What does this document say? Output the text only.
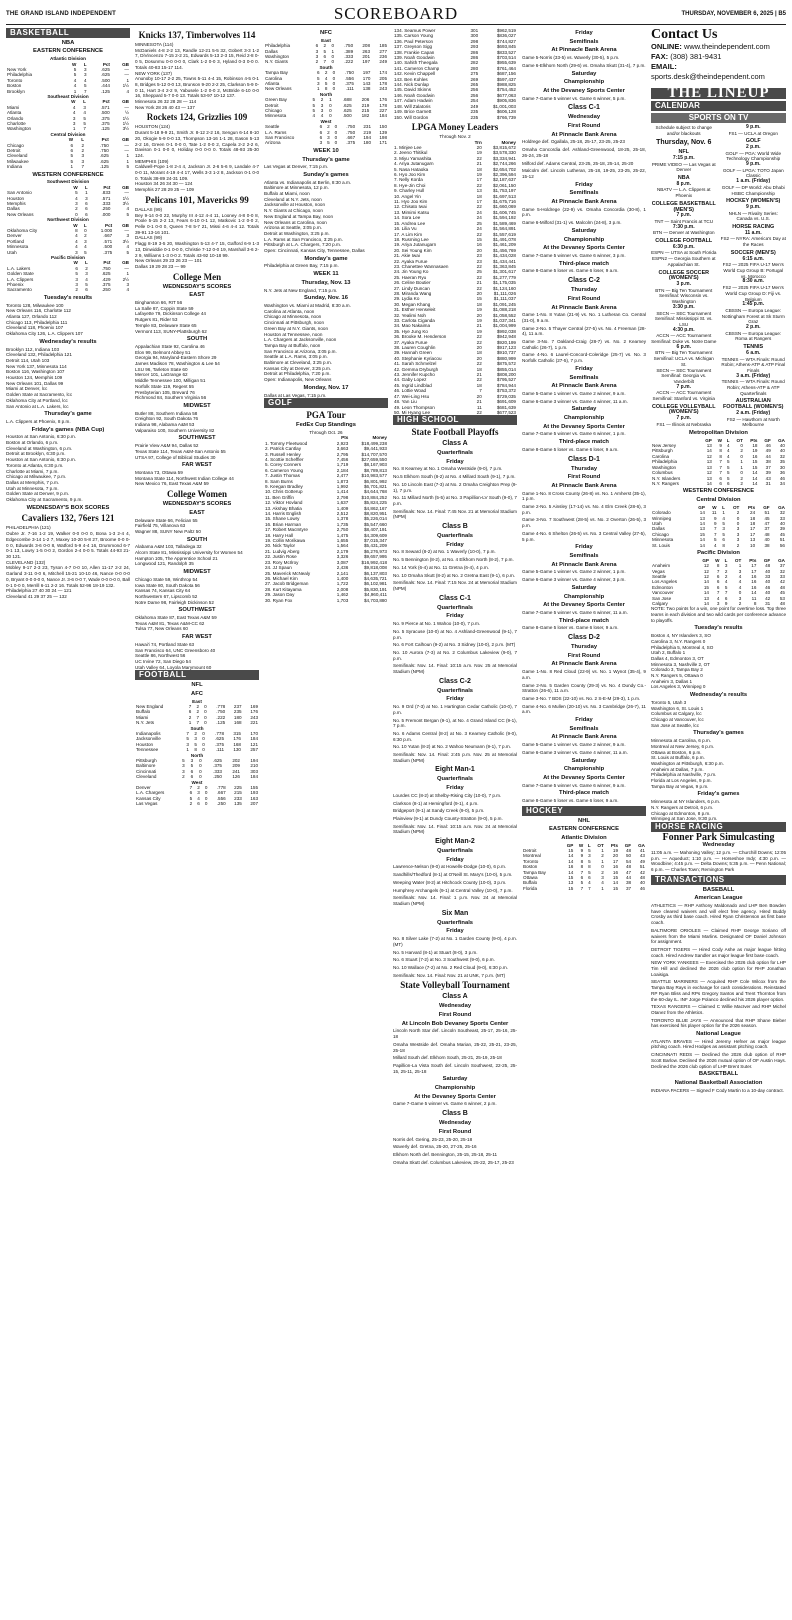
THE GRAND ISLAND INDEPENDENT	SCOREBOARD	THURSDAY, NOVEMBER 6, 2025 | B5
BASKETBALL
NBA
EASTERN CONFERENCE
Atlantic Division				
	W	L	Pct	GB
New York	5	3	.625	—
Philadelphia	5	3	.625	—
Toronto	4	4	.500	1
Boston	4	5	.444	1½
Brooklyn	1	7	.125	4
Southeast Division				
	W	L	Pct	GB
Miami	4	3	.571	—
Atlanta	4	4	.500	½
Orlando	3	5	.375	1½
Charlotte	3	5	.375	1½
Washington	1	7	.125	3½
Central Division				
	W	L	Pct	GB
Chicago	6	2	.750	—
Detroit	6	2	.750	—
Cleveland	5	3	.625	1
Milwaukee	5	3	.625	1
Indiana	1	7	.125	5
WESTERN CONFERENCE
Southwest Division				
	W	L	Pct	GB
San Antonio	5	1	.833	—
Houston	4	3	.571	1½
Memphis	3	6	.333	3½
Dallas	2	6	.250	4
New Orleans	0	6	.000	5
Northwest Division				
	W	L	Pct	GB
Oklahoma City	8	0	1.000	—
Denver	4	2	.667	3
Portland	4	3	.571	3½
Minnesota	4	4	.500	4
Utah	3	5	.375	5
Pacific Division				
	W	L	Pct	GB
L.A. Lakers	6	2	.750	—
Golden State	5	3	.625	1
L.A. Clippers	3	4	.429	2½
Phoenix	3	5	.375	3
Sacramento	2	6	.250	4
Tuesday's results
Toronto 128, Milwaukee 100
New Orleans 116, Charlotte 112
Atlanta 127, Orlando 112
Chicago 113, Philadelphia 111
Cleveland 118, Phoenix 107
Oklahoma City 126, L.A. Clippers 107
Wednesday's results
Brooklyn 112, Indiana 103
Cleveland 132, Philadelphia 121
Detroit 114, Utah 103
New York 137, Minnesota 114
Boston 116, Washington 107
Houston 124, Memphis 109
New Orleans 101, Dallas 99
Miami at Denver, lcc
Golden State at Sacramento, lcc
Oklahoma City at Portland, lcc
San Antonio at L.A. Lakers, lcc
Thursday's game
L.A. Clippers at Phoenix, 8 p.m.
Friday's games (NBA Cup)
Houston at San Antonio, 6:30 p.m.
Boston at Orlando, 6 p.m.
Cleveland at Washington, 6 p.m.
Detroit at Brooklyn, 6:30 p.m.
Houston at San Antonio, 6:30 p.m.
Toronto at Atlanta, 6:30 p.m.
Charlotte at Miami, 7 p.m.
Chicago at Milwaukee, 7 p.m.
Dallas at Memphis, 7 p.m.
Utah at Minnesota, 7 p.m.
Golden State at Denver, 9 p.m.
Oklahoma City at Sacramento, 9 p.m.
WEDNESDAY'S BOX SCORES
Cavaliers 132, 76ers 121
PHILADELPHIA (121)
Oubre Jr. 7-16 1-2 19, Walker 0-0 0-0 0, Bona 1-3 2-4 4, Edgecombe 3-14 1-2 7, Maxey 10-20 5-8 27, Broome 0-0 0-0 0, Edwards 3-6 0-0 8, Watford 5-9 4-4 16, Drummond 6-7 0-1 13, Lowry 1-5 0-0 2, Gordon 2-4 0-0 5. Totals 44-93 21-30 121.
CLEVELAND (132)
Mobley 9-17 2-3 23, Tyson 4-7 0-0 10, Allen 11-17 2-2 24, Garland 3-11 0-0 6, Mitchell 15-21 10-10 46, Nance 0-0 0-0 0, Bryant 0-0 0-0 0, Nance Jr. 3-6 0-0 7, Wade 0-0 0-0 0, Ball 0-1 0-0 0, Merrill 6-11 2-2 16. Totals 52-96 18-19 132.
Philadelphia 27 40 30 24 — 121
Cleveland 41 29 37 25 — 132
Knicks 137, Timberwolves 114
MINNESOTA (114)
McDaniels 4-8 2-2 13, Randle 12-21 5-5 32, Gobert 3-3 1-2 7, DiVincenzo 7-15 2-2 21, Edwards 5-13 2-3 15, Reid 2-8 0-0 5, Dosunmu 0-0 0-0 0, Clark 1-2 0-0 3, Hyland 0-3 0-0 0. Totals 40-83 15-17 114.
NEW YORK (137)
Anunoby 10-17 2-2 25, Towns 5-11 4-4 15, Robinson 4-5 0-1 8, Bridges 5-12 0-0 13, Brunson 9-20 2-2 25, Clarkson 5-9 0-0 11, Hart 3-4 2-2 9, Yabusele 1-2 0-0 2, McBride 6-10 0-0 16, Sheppard 5-7 0-0 13. Totals 53-97 10-12 137.
Minnesota 26 32 28 28 — 114
New York 28 26 40 43 — 137
Rockets 124, Grizzlies 109
HOUSTON (124)
Durant 5-18 9-9 21, Smith Jr. 8-12 2-2 16, Sengun 6-14 8-10 20, Okogie 5-9 0-0 13, Thompson 13-16 1-1 28, Eason 5-13 2-2 16, Green 0-1 0-0 0, Tate 1-2 0-0 2, Capela 2-2 2-2 6, Davison 0-1 0-0 0, Holiday 0-0 0-0 0. Totals 48-93 25-30 124.
MEMPHIS (109)
Caldwell-Pope 1-8 2-4 4, Jackson Jr. 2-6 5-6 9, Landale 4-7 0-0 11, Morant 4-19 4-4 17, Wells 3-3 1-2 8, Jackson 0-1 0-0 0. Totals 38-89 24-31 109.
Houston 34 26 34 30 — 124
Memphis 27 28 29 25 — 109
Pelicans 101, Mavericks 99
DALLAS (99)
Bey 9-14 0-0 22, Murphy III 4-12 4-4 11, Looney 4-8 0-0 8, Poole 5-15 2-2 13, Fears 6-10 0-1 12, Matkovic 1-2 0-0 2, Pelle 0-1 0-0 0, Queen 7-8 5-7 21, Missi 4-6 4-4 12. Totals 39-91 13-16 101.
DALLAS (99)
Flagg 8-19 3-5 20, Washington 5-13 4-7 15, Gafford 6-9 1-3 13, Dinwiddie 0-1 0-0 0, Christie 7-12 0-0 19, Marshall 3-6 2-2 9, Williams 1-3 0-0 2. Totals 43-92 10-18 99.
New Orleans 29 23 26 23 — 101
Dallas 19 29 28 23 — 99
College Men
WEDNESDAY'S SCORES
EAST
Binghamton 66, RIT 56
La Salle 87, Coppin State 59
Lafayette 79, Dickinson College 44
Rutgers 81, Rider 53
Temple 83, Delaware State 65
Vermont 113, SUNY-Plattsburgh 62
SOUTH
Appalachian State 92, Carolina 46
Elon 99, Belmont Abbey 51
Georgia 94, Maryland-Eastern Shore 29
James Madison 78, Washington & Lee 54
LSU 96, Tarleton State 60
Mercer 101, LaGrange 62
Middle Tennessee 100, Milligan 51
Norfolk State 119, Regent 55
Presbyterian 105, Brevard 76
Richmond 84, Southern Virginia 56
MIDWEST
Butler 88, Southern Indiana 58
Creighton 92, South Dakota 76
Indiana 98, Alabama A&M 53
Valparaiso 100, Southern University 82
SOUTHWEST
Prairie View A&M 94, Dallas 52
Texas State 114, Texas A&M-San Antonio 55
UTSA 97, College of Biblical Studies 30
FAR WEST
Montana 73, Ottawa 59
Montana State 114, Northwest Indian College 44
New Mexico 76, East Texas A&M 59
College Women
WEDNESDAY'S SCORES
EAST
Delaware State 66, Felician 55
Fairfield 75, Villanova 63
Wagner 88, SUNY New Paltz 50
SOUTH
Alabama A&M 103, Talladega 32
Alcorn State 81, Mississippi University for Women 54
Hampton 105, The Apprentice School 21
Longwood 121, Randolph 35
MIDWEST
Chicago State 59, Winthrop 54
Iowa State 80, South Dakota 56
Kansas 74, Kansas City 64
Northwestern 67, Lipscomb 52
Notre Dame 98, Fairleigh Dickinson 52
SOUTHWEST
Oklahoma State 87, East Texas A&M 59
Texas A&M 81, Texas A&M-CC 62
Tulsa 77, New Orleans 60
FAR WEST
Hawai'i 74, Portland State 63
San Francisco 64, UNC Greensboro 40
Seattle 86, Northwest 56
UC Irvine 72, San Diego 54
Utah Valley 64, Loyola Marymount 60
FOOTBALL
NFL
AFC
East						
New England	7	2	0	.778	237	169
Buffalo	6	2	0	.750	235	176
Miami	2	7	0	.222	180	243
N.Y. Jets	1	7	0	.125	168	221
South						
Indianapolis	7	2	0	.778	315	170
Jacksonville	5	3	0	.625	176	184
Houston	3	5	0	.375	168	121
Tennessee	1	8	0	.111	130	257
North						
Pittsburgh	5	3	0	.625	202	194
Baltimore	3	5	0	.375	209	210
Cincinnati	3	6	0	.333	241	303
Cleveland	2	6	0	.250	126	184
West						
Denver	7	2	0	.778	225	155
L.A. Chargers	6	3	0	.667	215	193
Kansas City	5	4	0	.556	233	163
Las Vegas	2	6	0	.250	135	207
NFC
East						
Philadelphia	6	2	0	.750	208	185
Dallas	3	5	1	.389	263	277
Washington	3	6	0	.333	201	236
N.Y. Giants	2	7	0	.222	197	249
South						
Tampa Bay	6	2	0	.750	197	174
Carolina	5	4	0	.556	170	205
Atlanta	3	5	0	.375	143	178
New Orleans	1	8	0	.111	138	243
North						
Green Bay	5	2	1	.688	206	176
Detroit	5	3	0	.625	219	178
Chicago	5	3	0	.625	215	227
Minnesota	4	4	0	.500	182	184
West						
Seattle	6	2	0	.750	231	150
L.A. Rams	6	2	0	.750	219	139
San Francisco	6	3	0	.667	194	198
Arizona	3	5	0	.375	180	171
WEEK 10
Thursday's game
Las Vegas at Denver, 7:15 p.m.
Sunday's games
Atlanta vs. Indianapolis at Berlin, 8:30 a.m.
Baltimore at Minnesota, 12 p.m.
Buffalo at Miami, noon
Cleveland at N.Y. Jets, noon
Jacksonville at Houston, noon
N.Y. Giants at Chicago, noon
New England at Tampa Bay, noon
New Orleans at Carolina, noon
Arizona at Seattle, 3:05 p.m.
Detroit at Washington, 3:25 p.m.
L.A. Rams at San Francisco, 3:25 p.m.
Pittsburgh at L.A. Chargers, 7:20 p.m.
Open: Cincinnati, Kansas City, Tennessee, Dallas
Monday's game
Philadelphia at Green Bay, 7:15 p.m.
WEEK 11
Thursday, Nov. 13
N.Y. Jets at New England, 7:15 p.m.
Sunday, Nov. 16
Washington vs. Miami at Madrid, 8:30 a.m.
Carolina at Atlanta, noon
Chicago at Minnesota, noon
Cincinnati at Pittsburgh, noon
Green Bay at N.Y. Giants, noon
Houston at Tennessee, noon
L.A. Chargers at Jacksonville, noon
Tampa Bay at Buffalo, noon
San Francisco at Arizona, 3:05 p.m.
Seattle at L.A. Rams, 3:05 p.m.
Baltimore at Cleveland, 3:25 p.m.
Kansas City at Denver, 3:25 p.m.
Detroit at Philadelphia, 7:20 p.m.
Open: Indianapolis, New Orleans
Monday, Nov. 17
Dallas at Las Vegas, 7:15 p.m.
GOLF
PGA Tour
FedEx Cup Standings
Through Oct. 26
	Pts	Money
1. Tommy Fleetwood	2,923	$18,499,238
2. Patrick Cantlay	3,663	$9,441,933
3. Russell Henley	2,795	$14,707,570
4. Scottie Scheffler	7,456	$27,659,550
5. Corey Conners	1,719	$8,167,903
6. Cameron Young	2,184	$8,789,813
7. Justin Thomas	2,477	$10,983,577
8. Sam Burns	1,873	$6,801,992
9. Keegan Bradley	1,992	$6,701,821
10. Chris Gotterup	1,414	$4,644,768
11. Ben Griffin	2,798	$10,884,252
12. Viktor Hovland	1,637	$5,824,225
13. Akshay Bhatia	1,409	$4,862,167
14. Harris English	2,512	$8,820,951
15. Shane Lowry	1,378	$5,226,014
16. Brian Harman	1,735	$5,547,660
17. Robert MacIntyre	2,750	$8,407,191
18. Harry Hall	1,475	$4,309,609
19. Collin Morikawa	1,655	$7,015,347
20. Nick Taylor	1,564	$5,431,209
21. Ludvig Aberg	2,179	$6,276,973
22. Justin Rose	3,326	$9,657,995
23. Rory McIlroy	3,087	$16,992,418
24. JJ Spaun	2,436	$9,818,008
25. Maverick McNealy	2,141	$6,137,803
26. Michael Kim	1,400	$4,635,721
27. Jacob Bridgeman	1,722	$6,102,981
28. Kurt Kitayama	2,008	$5,830,191
29. Jason Day	1,462	$4,960,411
30. Ryan Fox	1,703	$4,703,880
134. Seamus Power	301	$962,519
135. Carson Young	300	$836,027
136. Paul Peterson	298	$744,827
137. Greyson Sigg	293	$693,845
138. Frankie Capan	286	$833,527
139. Noah Goodwin	286	$703,514
140. Sahith Theegala	282	$955,639
141. Cameron Champ	280	$761,464
142. Kevin Chappell	275	$687,156
143. Ben Kohles	269	$597,437
144. Nick Dunlap	265	$988,825
145. David Skinns	256	$754,452
146. Noah Goodwin	256	$677,063
147. Adam Hadwin	254	$905,836
148. Will Zalatoris	249	$1,001,003
149. Brice Garnett	235	$606,128
150. Will Gordon	235	$766,739
LPGA Money Leaders
Through Nov. 2
	Trn	Money
1. Minjee Lee	20	$3,815,672
2. Jeeno Thitikul	19	$3,578,330
3. Miyu Yamashita	22	$3,334,941
4. Ariya Jutanugarn	21	$2,744,266
5. Nasa Hataoka	18	$2,654,702
6. Hyo Joo Kim	19	$2,396,594
7. Nelly Korda	17	$2,187,637
8. Hye-Jin Choi	22	$2,061,150
9. Charley Hull	13	$1,753,197
10. Angel Yin	18	$1,697,513
11. Hyo Joo Kim	17	$1,675,716
12. Chisato Iwai	22	$1,660,069
13. Mimimi Katsu	24	$1,606,745
14. Sora Lee	24	$1,594,192
15. Andrea Lee	25	$1,589,469
16. Lilia Vu	24	$1,564,891
17. A Lim Kim	22	$1,557,619
18. Rusming Lee	15	$1,491,078
19. Ariya Jutanugarn	16	$1,461,209
20. Sei Young Kim	20	$1,456,769
21. Akie Iwai	23	$1,434,028
22. Ayaka Furue	23	$1,434,441
23. Chanettee Wannasaen	22	$1,363,845
24. Jin Young Ko	25	$1,301,617
25. Haeran Ryu	22	$1,277,779
26. Celine Boutier	21	$1,175,035
27. Lindy Duncan	22	$1,124,160
28. Miranda Wang	20	$1,111,026
29. Lydia Ko	15	$1,111,037
30. Megan Khang	18	$1,091,245
31. Esther Henseleit	19	$1,088,218
32. Yealimi Noh	20	$1,058,552
33. Carlota Ciganda	19	$1,037,341
34. Mao Nakaima	21	$1,004,999
35. Hye Jung Ko	19	$992,038
36. Brooke M. Henderson	22	$942,948
37. Ayaka Furue	22	$920,199
38. Lauren Coughlin	20	$917,123
39. Hannah Green	18	$910,737
40. Stephanie Kyriacou	20	$880,999
41. Sarah Schmelzel	22	$875,572
42. Gemma Dryburgh	18	$855,014
43. Jennifer Kupcho	21	$808,200
44. Gaby Lopez	22	$795,527
45. Ingrid Lindblad	18	$784,944
46. Lottie Woad	7	$753,372
47. Wei-Ling Hsu	20	$729,035
48. Yan Liu	21	$691,609
49. Leon Thompson	11	$681,639
50. Mi Hyang Lee	22	$677,523
HIGH SCHOOL
State Football Playoffs
Class A
Quarterfinals
Friday

No. 8 Kearney at No. 1 Omaha Westside (9-0), 7 p.m.

No.5 Elkhorn South (8-2) at No. 4 Millard South (9-1), 7 p.m.

No. 10 Lincoln East (7-3) at No. 2 Omaha Creighton Prep (9-1), 7 p.m.

No. 11 Millard North (5-5) at No. 3 Papillion-LV South (9-0), 7 p.m.

Semifinals: Nov. 14. Final: 7:45 Nov. 21 at Memorial Stadium (NPM)

Class B
Quarterfinals
Friday

No. 8 Seward (8-2) at No. 1 Waverly (10-0), 7 p.m.

No. 5 Bennington (8-2), at No. 4 Elkhorn North (8-2), 7 p.m.

No. 14 York (6-4) at No. 11 Gretna (6-4), 4 p.m.

No. 10 Omaha Skutt (8-2) at No. 2 Gretna East (9-1), 6 p.m.

Semifinals: Nov. 14. Final: 7:15 Nov. 24 at Memorial Stadium (NPM)

Class C-1
Quarterfinals
Friday

No. 9 Pierce at No. 1 Wahoo (10-0), 7 p.m.

No. 5 Syracuse (10-0) at No. 4 Ashland-Greenwood (9-1), 7 p.m.

No. 6 Fort Calhoun (9-2) at No. 3 Sidney (10-0), 2 p.m. (MT)

No. 10 Aurora (7-3) at No. 2 Columbus Lakeview (9-0), 7 p.m.

Semifinals: Nov. 14. Final: 10:15 a.m. Nov. 25 at Memorial Stadium (NPM)

Class C-2
Quarterfinals
Friday

No. 9 Ord (7-3) at No. 1 Hartington Cedar Catholic (10-0), 7 p.m.

No. 5 Fremont Bergan (9-1), at No. 4 Grand Island CC (9-1), 7 p.m.

No. 6 Adams Central (8-2) at No. 3 Kearney Catholic (9-0), 6:30 p.m.

No. 10 Yutan (8-2) at No. 2 Wahoo Neumann (9-1), 7 p.m.

Semifinals: Nov. 14. Final: 2:45 p.m. Nov. 25 at Memorial Stadium (NPM)

Eight Man-1
Quarterfinals
Friday

Lourdes CC (8-2) at Shelby-Rising City (10-0), 7 p.m.

Clarkson (8-1) at Hemingford (9-1), 4 p.m.

Bridgeport (9-1) at Sandy Creek (9-0), 5 p.m.

Plainview (9-1) at Dundy County-Stratton (9-0), 5 p.m.

Semifinals: Nov. 14. Final: 10:15 a.m. Nov. 24 at Memorial Stadium (NPM)

Eight Man-2
Quarterfinals
Friday

Lawrence-Nelson (9-0) at Howells-Dodge (10-0), 6 p.m.

Sandhills/Thedford (8-1) at O'Neill St. Mary's (10-0), 5 p.m.

Weeping Water (8-2) at Hitchcock County (10-0), 3 p.m.

Humphrey Archangels (9-1) at Central Valley (10-0), 7 p.m.

Semifinals: Nov. 14. Final: 1 p.m. Nov. 24 at Memorial Stadium (NPM)

Six Man
Quarterfinals
Friday

No. 8 Silver Lake (7-2) at No. 1 Garden County (9-0), 4 p.m. (MT)

No. 5 Harvard (8-1) at Stuart (8-0), 3 p.m.

No. 6 Stuart (7-2) at No. 3 Southwest (9-0), 6 p.m.

No. 10 Wallace (7-2) at No. 2 Red Cloud (9-0), 6:30 p.m.

Semifinals: Nov. 14. Final: Nov. 21 at UNK, 7 p.m. (MT)

State Volleyball Tournament
Class A
Wednesday
First Round
At Lincoln Bob Devaney Sports Center

Lincoln North Star def. Lincoln Southeast, 25-17, 25-16, 25-18

Omaha Westside def. Omaha Marian, 25-22, 25-21, 23-25, 25-18

Millard South def. Elkhorn South, 25-21, 25-19, 25-18

Papillion-La Vista South def. Lincoln Southwest, 22-25, 25-15, 25-11, 25-18

Saturday
Championship
At the Devaney Sports Center

Game 7-Game 5 winner vs. Game 6 winner, 2 p.m.

Class B
Wednesday
First Round

Norris def. Gering, 25-23, 25-20, 25-18

Waverly def. Gretna, 25-20, 27-25, 25-16

Elkhorn North def. Bennington, 25-15, 25-18, 25-11

Omaha Skutt def. Columbus Lakeview, 25-22, 25-17, 25-23

Friday
Semifinals
At Pinnacle Bank Arena

Game 5-Norris (33-5) vs. Waverly (30-5), 5 p.m.

Game 6-Elkhorn North (29-6) vs. Omaha Skutt (31-4), 7 p.m.

Saturday
Championship
At the Devaney Sports Center

Game 7-Game 5 winner vs. Game 6 winner, 5 p.m.

Class C-1
Wednesday
First Round
At Pinnacle Bank Arena

Holdrege def. Ogallala, 25-18, 25-17, 23-25, 25-23

Omaha Concordia def. Ashland-Greenwood, 18-25, 25-18, 26-24, 25-18

Milford def. Adams Central, 23-25, 25-18, 25-14, 25-20

Malcolm def. Lincoln Lutheran, 25-18, 19-25, 23-25, 25-22, 15-12

Friday
Semifinals
At Pinnacle Bank Arena

Game 5-Holdrege (22-9) vs. Omaha Concordia (30-8), 1 p.m.

Game 6-Milford (31-1) vs. Malcolm (24-8), 3 p.m.

Saturday
Championship
At the Devaney Sports Center

Game 7-Game 5 winner vs. Game 6 winner, 3 p.m.

Third-place match

Game 8-Game 5 loser vs. Game 6 loser, 9 a.m.

Class C-2
Thursday
First Round
At Pinnacle Bank Arena

Game 1-No. 8 Yutan (21-9) vs. No. 1 Lutheran Co. Central (31-0), 9 a.m.

Game 2-No. 5 Thayer Central (27-5) vs. No. 4 Freeman (28-4), 11 a.m.

Game 3-No. 7 Oakland-Craig (28-7) vs. No. 2 Kearney Catholic (26-7), 1 p.m.

Game 4-No. 6 Laurel-Concord-Coleridge (25-7) vs. No. 3 Norfolk Catholic (27-5), 7 p.m.

Friday
Semifinals
At Pinnacle Bank Arena

Game 5-Game 1 winner vs. Game 2 winner, 9 a.m.

Game 6-Game 3 winner vs. Game 4 winner, 11 a.m.

Saturday
Championship
At the Devaney Sports Center

Game 7-Game 5 winner vs. Game 6 winner, 1 p.m.

Third-place match

Game 8-Game 5 loser vs. Game 6 loser, 9 a.m.

Class D-1
Thursday
First Round
At Pinnacle Bank Arena

Game 1-No. 8 Cross County (26-8) vs. No. 1 Amherst (35-1), 1 p.m.

Game 2-No. 5 Ainsley (17-14) vs. No. 4 Elm Creek (28-6), 3 p.m.

Game 3-No. 7 Southwest (28-5) vs. No. 2 Overton (26-5), 3 p.m.

Game 4-No. 6 Shelton (26-5) vs. No. 3 Central Valley (27-5), 5 p.m.

Friday
Semifinals
At Pinnacle Bank Arena

Game 5-Game 1 winner vs. Game 2 winner, 1 p.m.

Game 6-Game 3 winner vs. Game 4 winner, 3 p.m.

Saturday
Championship
At the Devaney Sports Center

Game 7-Game 5 winner vs. Game 6 winner, 11 a.m.

Third-place match

Game 8-Game 5 loser vs. Game 6 loser, 9 a.m.

Class D-2
Thursday
First Round
At Pinnacle Bank Arena

Game 1-No. 8 Red Cloud (22-9) vs. No. 1 Wynot (35-4), 9 a.m.

Game 2-No. 5 Garden County (29-3) vs. No. 4 Dundy Co.-Stratton (26-6), 11 a.m.

Game 3-No. 7 BDS (22-10) vs. No. 2 S-E-M (29-3), 1 p.m.

Game 4-No. 6 Mullen (20-10) vs. No. 3 Cambridge (26-7), 11 a.m.

Friday
Semifinals
At Pinnacle Bank Arena

Game 5-Game 1 winner vs. Game 2 winner, 9 a.m.

Game 6-Game 3 winner vs. Game 4 winner, 11 a.m.

Saturday
Championship
At the Devaney Sports Center

Game 7-Game 5 winner vs. Game 6 winner, 9 a.m.

Third-place match

Game 8-Game 5 loser vs. Game 6 loser, 9 a.m.

HOCKEY
NHL
EASTERN CONFERENCE
Atlantic Division
	GP	W	L	OT	Pts	GF	GA
Detroit	15	9	5	1	19	48	41
Montreal	14	9	3	2	20	50	43
Toronto	14	8	5	1	17	54	49
Boston	16	8	8	0	16	48	51
Tampa Bay	14	7	5	2	16	47	42
Ottawa	15	6	6	3	15	44	48
Buffalo	13	5	4	4	14	38	40
Florida	15	7	7	1	15	37	46
Contact Us
ONLINE: www.theindependent.com
FAX: (308) 381-9431
EMAIL: sports.desk@theindependent.com
THE LINEUP
CALENDAR
SPORTS ON TV
Schedule subject to change and/or blackouts
Thursday, Nov. 6
NFL
7:15 p.m.
PRIME VIDEO — Las Vegas at Denver
NBA
8 p.m.
NBATV — L.A. Clippers at Phoenix
COLLEGE BASKETBALL (MEN'S)
7 p.m.
TNT — Saint Francis at TCU
7:30 p.m.
BTN — Denver at Washington
COLLEGE FOOTBALL
6:30 p.m.
ESPN — UTSA at South Florida
ESPN2 — Georgia Southern at Appalachian St.
COLLEGE SOCCER (WOMEN'S)
3 p.m.
BTN — Big Ten Tournament Semifinal: Wisconsin vs. Washington
3:30 p.m.
SECN — SEC Tournament Semifinal: Mississippi St. vs. LSU
4:30 p.m.
ACCN — ACC Tournament Semifinal: Duke vs. Notre Dame
6 p.m.
BTN — Big Ten Tournament Semifinal: UCLA vs. Michigan St.
SECN — SEC Tournament Semifinal: Georgia vs. Vanderbilt
7 p.m.
ACCN — ACC Tournament Semifinal: Stanford vs. Virginia
COLLEGE VOLLEYBALL (WOMEN'S)
7 p.m.
FS1 — Illinois at Nebraska
9 p.m.
FS1 — UCLA at Oregon
GOLF
2 p.m.
GOLF — PGA: World Wide Technology Championship
9 p.m.
GOLF — LPGA: TOTO Japan Classic
1 a.m. (Friday)
GOLF — DP World: Abu Dhabi HSBC Championship
HOCKEY (WOMEN'S)
9 p.m.
NHLN — Rivalry Series: Canada vs. U.S.
HORSE RACING
11 a.m.
FS2 — NYRA: America's Day at the Races
SOCCER (MEN'S)
6:15 a.m.
FS2 — 2025 FIFA U-17 Men's World Cup Group B: Portugal vs. Morocco
8:30 a.m.
FS2 — 2025 FIFA U-17 Men's World Cup Group D: Fiji vs. Belgium
1:45 p.m.
CBSSN — Europa League: Nottingham Forest at Sk Sturm Graz
2 p.m.
CBSSN — Europa League: Roma at Rangers
TENNIS
6 a.m.
TENNIS — WTA Finals: Round Robin; Athens-ATP & ATP Final Finals
3 a.m. (Friday)
TENNIS — WTA Finals: Round Robin; Athens-ATP & ATP Quarterfinals
AUSTRALIAN FOOTBALL (WOMEN'S)
2 a.m. (Friday)
FS2 — Hawthorn at North Melbourne
Metropolitan Division
	GP	W	L	OT	Pts	GF	GA
New Jersey	13	9	4	0	18	46	40
Pittsburgh	14	8	4	2	19	49	40
Carolina	12	8	4	0	16	44	32
Philadelphia	13	7	5	1	15	38	35
Washington	13	7	5	1	15	37	30
Columbus	12	7	5	0	14	39	36
N.Y. Islanders	13	6	5	2	14	43	46
N.Y. Rangers	14	6	6	2	14	31	34
WESTERN CONFERENCE
Central Division
	GP	W	L	OT	Pts	GF	GA
Colorado	14	11	1	2	24	51	32
Winnipeg	13	9	4	0	18	45	33
Utah	14	9	5	0	18	47	40
Dallas	13	7	3	3	17	37	39
Chicago	15	7	5	3	17	48	45
Minnesota	14	5	6	3	13	40	51
St. Louis	14	4	8	2	10	38	56
Pacific Division
	GP	W	L	OT	Pts	GF	GA
Anaheim	12	8	3	1	17	48	37
Vegas	12	7	2	3	17	40	32
Seattle	12	6	2	4	16	33	33
Los Angeles	14	6	4	4	16	40	42
Edmonton	15	6	5	4	16	46	48
Vancouver	14	7	7	0	14	40	45
San Jose	13	4	6	3	11	42	53
Calgary	14	3	9	2	8	31	48

NOTE: Two points for a win, one point for overtime loss. Top three teams in each division and two wild cards per conference advance to playoffs.

Tuesday's results
Boston 4, NY Islanders 3, SO
Carolina 3, N.Y. Rangers 0
Philadelphia 5, Montreal 4, SO
Utah 2, Buffalo 1
Dallas 4, Edmonton 3, OT
Minnesota 3, Nashville 2, OT
Colorado 3, Tampa Bay 2
N.Y. Rangers 5, Ottawa 0
Anaheim 3, Dallas 1
Los Angeles 3, Winnipeg 0
Wednesday's results
Toronto 5, Utah 3
Washington 6, St. Louis 1
Columbus at Calgary, lcc
Chicago at Vancouver, lcc
San Jose at Seattle, lcc
Thursday's games
Minnesota at Carolina, 6 p.m.
Montreal at New Jersey, 6 p.m.
Ottawa at Boston, 6 p.m.
St. Louis at Buffalo, 6 p.m.
Washington at Pittsburgh, 6:30 p.m.
Anaheim at Dallas, 7 p.m.
Philadelphia at Nashville, 7 p.m.
Florida at Los Angeles, 9 p.m.
Tampa Bay at Vegas, 9 p.m.
Friday's games
Minnesota at NY Islanders, 6 p.m.
N.Y. Rangers at Detroit, 6 p.m.
Chicago at Edmonton, 8 p.m.
Winnipeg at San Jose, 9:30 p.m.
HORSE RACING
Fonner Park Simulcasting
Wednesday

11:05 a.m. — Mahoning Valley; 12 p.m. — Churchill Downs; 12:05 p.m. — Aqueduct; 1:10 p.m. — Horseshoe Indy; 4:30 p.m. — Woodbine; 4:45 p.m. — Delta Downs; 5:35 p.m. — Penn National; 6 p.m. — Charles Town; Remington Park

TRANSACTIONS
BASEBALL
American League

ATHLETICS — RHP Anthony Maldonado and LHP Ben Bowden have cleared waivers and will elect free agency. Hired Buddy Crosby as third base coach. Hired Ryan Christenson as first base coach.

BALTIMORE ORIOLES — Claimed RHP George Soriano off waivers from the Miami Marlins. Designated OF Daniel Johnson for assignment.

DETROIT TIGERS — Hired Cody Ashe as major league hitting coach. Hired Andrew Sandler as major league first base coach.

NEW YORK YANKEES — Exercised the 2026 club option for LHP Tim Hill and declined the 2026 club option for RHP Jonathan Loaisiga.

SEATTLE MARINERS — Acquired RHP Cole Wilcox from the Tampa Bay Rays in exchange for cash considerations. Reinstated RP Ryan Bliss and RPs Gregory Santos and Trent Thornton from the 60-day IL. INF Jorge Polanco declined his 2026 player option.

TEXAS RANGERS — Claimed C Willie MacIver and RHP Michel Otanez from the Athletics.

TORONTO BLUE JAYS — Announced that RHP Shane Bieber has exercised his player option for the 2026 season.

National League

ATLANTA BRAVES — Hired Jeremy Hefner as major league pitching coach. Hired Hodges as assistant pitching coach.

CINCINNATI REDS — Declined the 2026 club option of RHP Scott Barlow. Declined the 2026 mutual option of OF Austin Hays. Declined the 2026 club option of LHP Brent Suter.

BASKETBALL
National Basketball Association

INDIANA PACERS — Signed F Cody Martin to a 10-day contract.
